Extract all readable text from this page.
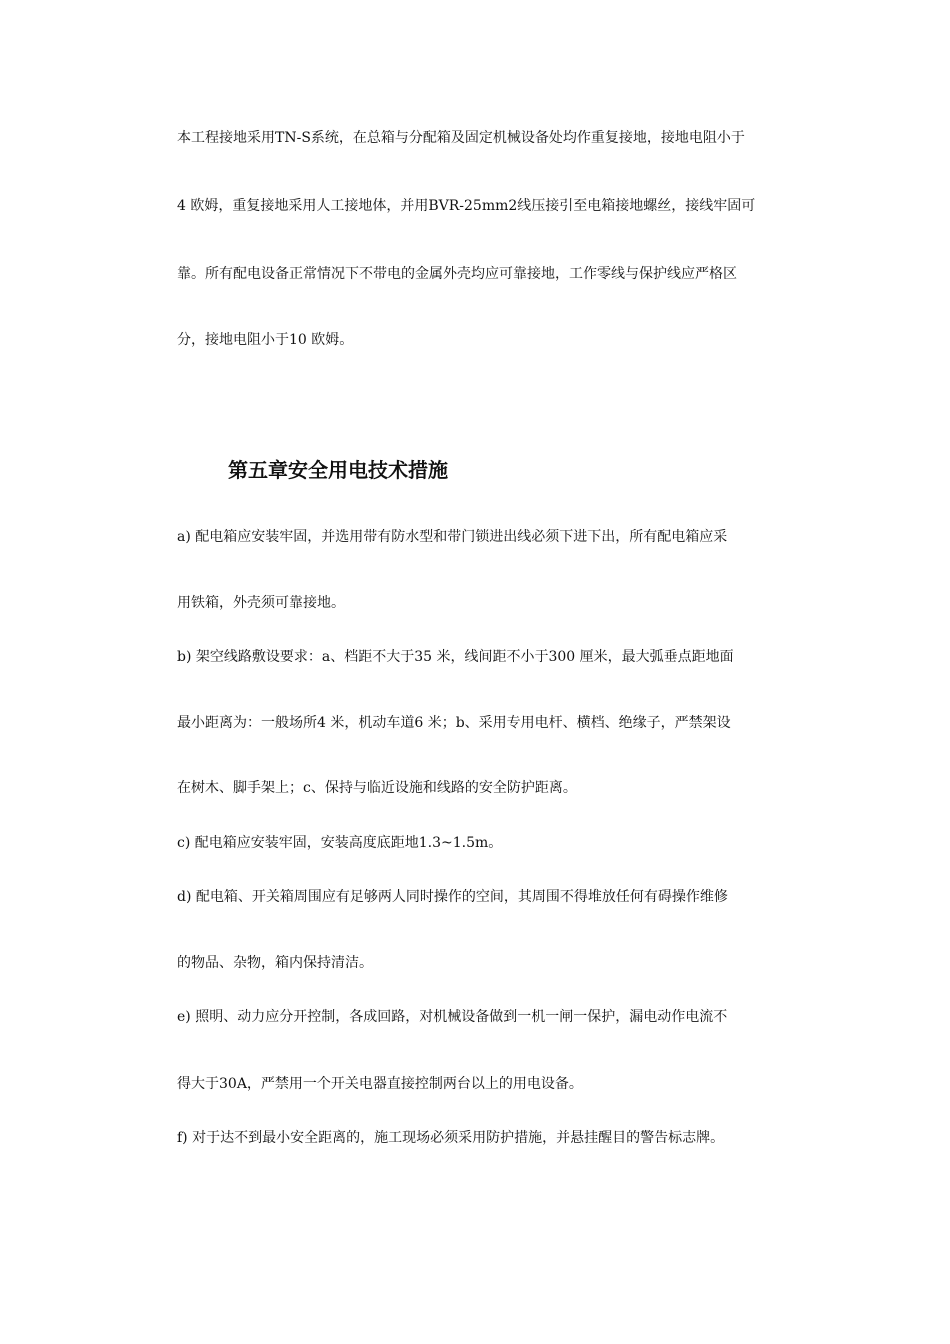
本工程接地采用TN-S系统，在总箱与分配箱及固定机械设备处均作重复接地，接地电阻小于
4 欧姆，重复接地采用人工接地体，并用BVR-25mm2线压接引至电箱接地螺丝，接线牢固可
靠。所有配电设备正常情况下不带电的金属外壳均应可靠接地，工作零线与保护线应严格区
分，接地电阻小于10 欧姆。
第五章安全用电技术措施
a) 配电箱应安装牢固，并选用带有防水型和带门锁进出线必须下进下出，所有配电箱应采
用铁箱，外壳须可靠接地。
b) 架空线路敷设要求：a、档距不大于35 米，线间距不小于300 厘米，最大弧垂点距地面
最小距离为：一般场所4 米，机动车道6 米；b、采用专用电杆、横档、绝缘子，严禁架设
在树木、脚手架上；c、保持与临近设施和线路的安全防护距离。
c) 配电箱应安装牢固，安装高度底距地1.3~1.5m。
d) 配电箱、开关箱周围应有足够两人同时操作的空间，其周围不得堆放任何有碍操作维修
的物品、杂物，箱内保持清洁。
e) 照明、动力应分开控制，各成回路，对机械设备做到一机一闸一保护，漏电动作电流不
得大于30A，严禁用一个开关电器直接控制两台以上的用电设备。
f) 对于达不到最小安全距离的，施工现场必须采用防护措施，并悬挂醒目的警告标志牌。
